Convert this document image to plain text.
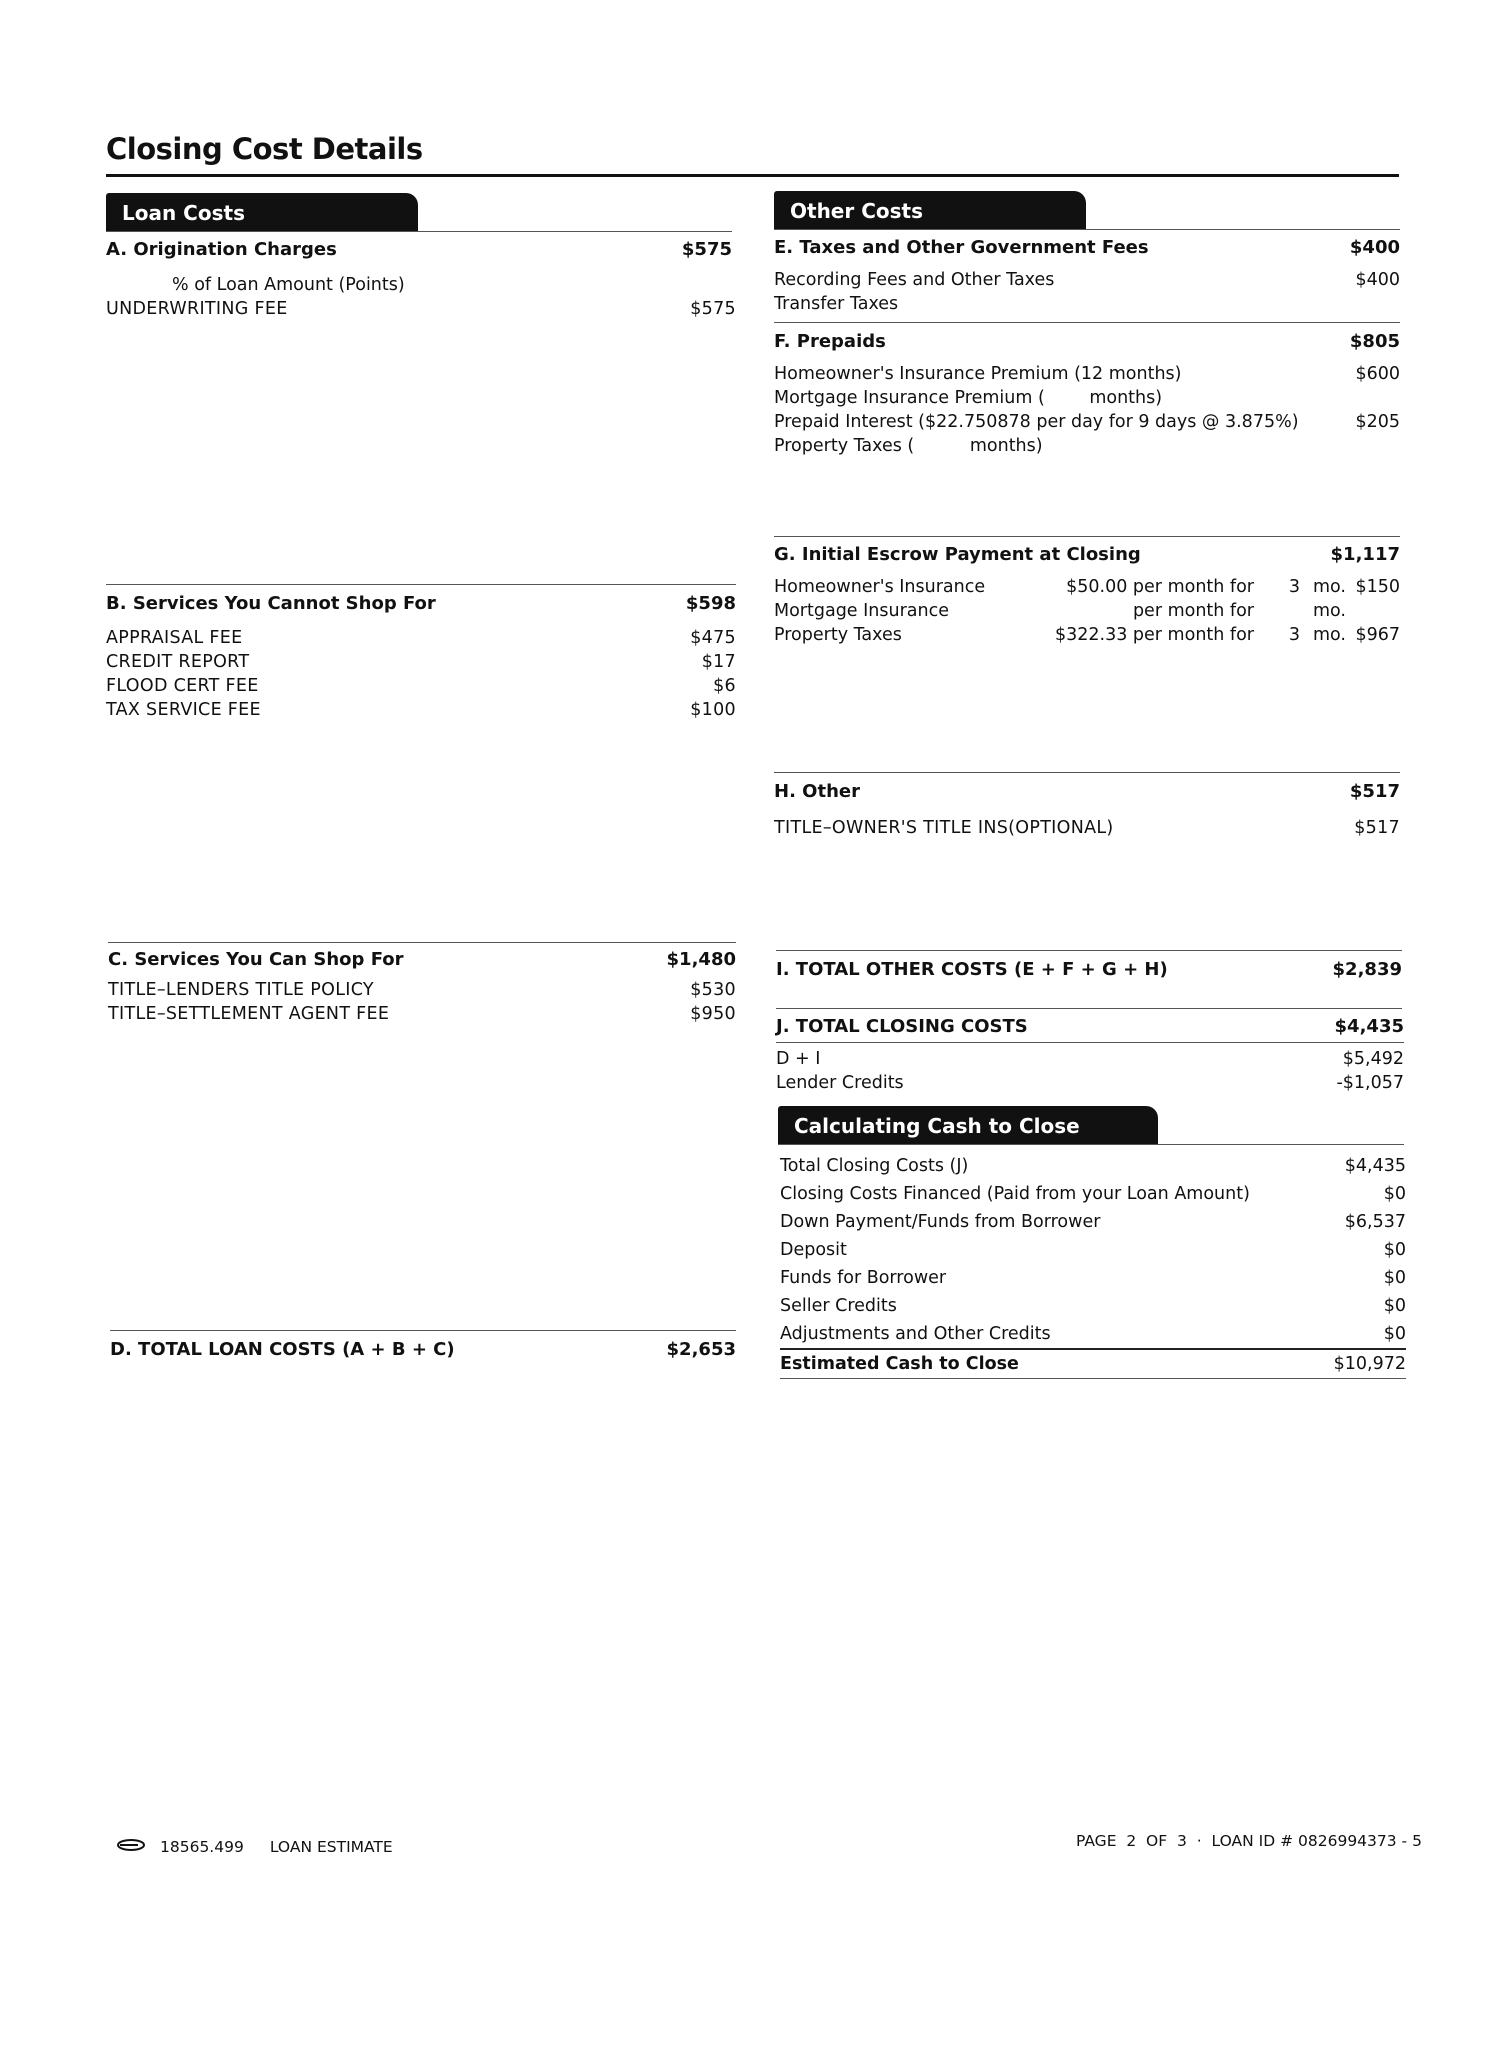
Closing Cost Details
Loan Costs
A. Origination Charges	$575
% of Loan Amount (Points)
UNDERWRITING FEE	$575
B. Services You Cannot Shop For	$598
APPRAISAL FEE	$475
CREDIT REPORT	$17
FLOOD CERT FEE	$6
TAX SERVICE FEE	$100
C. Services You Can Shop For	$1,480
TITLE–LENDERS TITLE POLICY	$530
TITLE–SETTLEMENT AGENT FEE	$950
D. TOTAL LOAN COSTS (A + B + C)	$2,653
Other Costs
E. Taxes and Other Government Fees	$400
Recording Fees and Other Taxes	$400
Transfer Taxes
F. Prepaids	$805
Homeowner's Insurance Premium (12 months)	$600
Mortgage Insurance Premium (        months)
Prepaid Interest ($22.750878 per day for 9 days @ 3.875%)	$205
Property Taxes (          months)
G. Initial Escrow Payment at Closing	$1,117
Homeowner's Insurance	$50.00 per month for	3 mo. $150
Mortgage Insurance	per month for	mo.
Property Taxes	$322.33 per month for	3 mo. $967
H. Other	$517
TITLE–OWNER'S TITLE INS(OPTIONAL)	$517
I. TOTAL OTHER COSTS (E + F + G + H)	$2,839
J. TOTAL CLOSING COSTS	$4,435
D + I	$5,492
Lender Credits	-$1,057
Calculating Cash to Close
Total Closing Costs (J)	$4,435
Closing Costs Financed (Paid from your Loan Amount)	$0
Down Payment/Funds from Borrower	$6,537
Deposit	$0
Funds for Borrower	$0
Seller Credits	$0
Adjustments and Other Credits	$0
Estimated Cash to Close	$10,972
18565.499 LOAN ESTIMATE	PAGE  2  OF  3  ·  LOAN ID # 0826994373 - 5
